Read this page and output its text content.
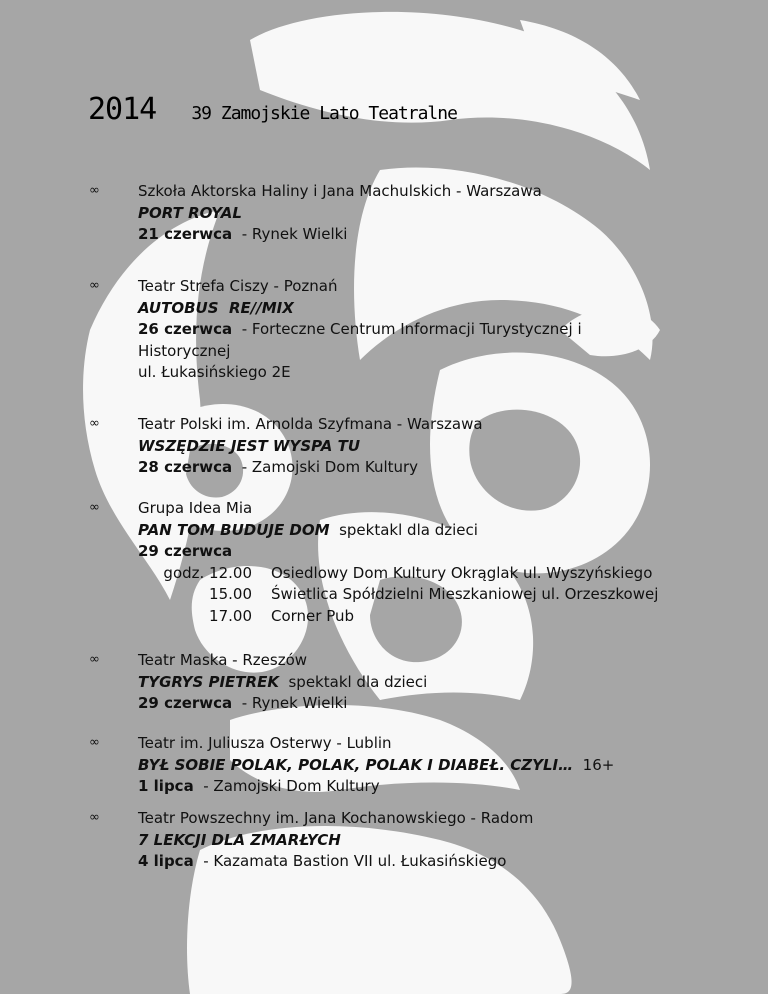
2014 39 Zamojskie Lato Teatralne
∞	Szkoła Aktorska Haliny i Jana Machulskich - Warszawa
PORT ROYAL
21 czerwca  - Rynek Wielki
∞	Teatr Strefa Ciszy - Poznań
AUTOBUS  RE//MIX
26 czerwca  - Forteczne Centrum Informacji Turystycznej i
Historycznej
ul. Łukasińskiego 2E
∞	Teatr Polski im. Arnolda Szyfmana - Warszawa
WSZĘDZIE JEST WYSPA TU
28 czerwca  - Zamojski Dom Kultury
∞	Grupa Idea Mia
PAN TOM BUDUJE DOM  spektakl dla dzieci
29 czerwca
godz. 12.00 Osiedlowy Dom Kultury Okrąglak ul. Wyszyńskiego
15.00 Świetlica Spółdzielni Mieszkaniowej ul. Orzeszkowej
17.00 Corner Pub
∞	Teatr Maska - Rzeszów
TYGRYS PIETREK  spektakl dla dzieci
29 czerwca  - Rynek Wielki
∞	Teatr im. Juliusza Osterwy - Lublin
BYŁ SOBIE POLAK, POLAK, POLAK I DIABEŁ. CZYLI…  16+
1 lipca  - Zamojski Dom Kultury
∞	Teatr Powszechny im. Jana Kochanowskiego - Radom
7 LEKCJI DLA ZMARŁYCH
4 lipca  - Kazamata Bastion VII ul. Łukasińskiego
